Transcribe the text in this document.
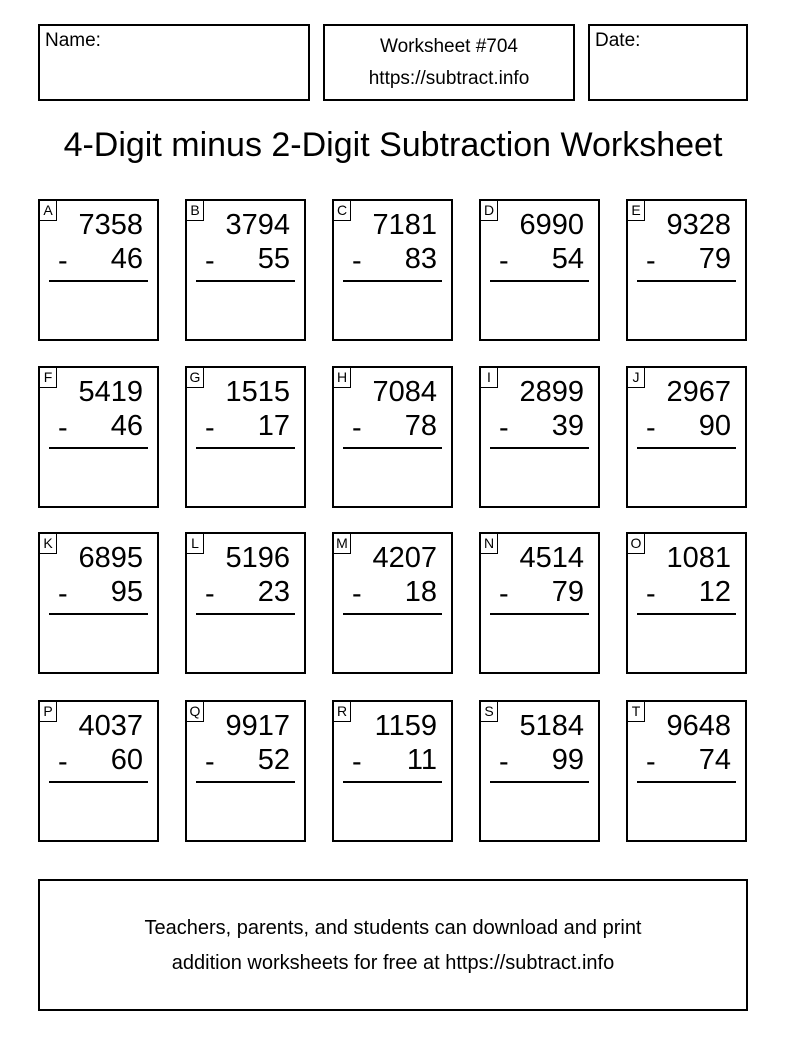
Name:	Worksheet #704
https://subtract.info
Date:
4-Digit minus 2-Digit Subtraction Worksheet
A 7358
- 46
B 3794
- 55
C 7181
- 83
D 6990
- 54
E 9328
- 79
F 5419
- 46
G 1515
- 17
H 7084
- 78
I 2899
- 39
J 2967
- 90
K 6895
- 95
L 5196
- 23
M 4207
- 18
N 4514
- 79
O 1081
- 12
P 4037
- 60
Q 9917
- 52
R 1159
- 11
S 5184
- 99
T 9648
- 74
Teachers, parents, and students can download and print
addition worksheets for free at https://subtract.info
